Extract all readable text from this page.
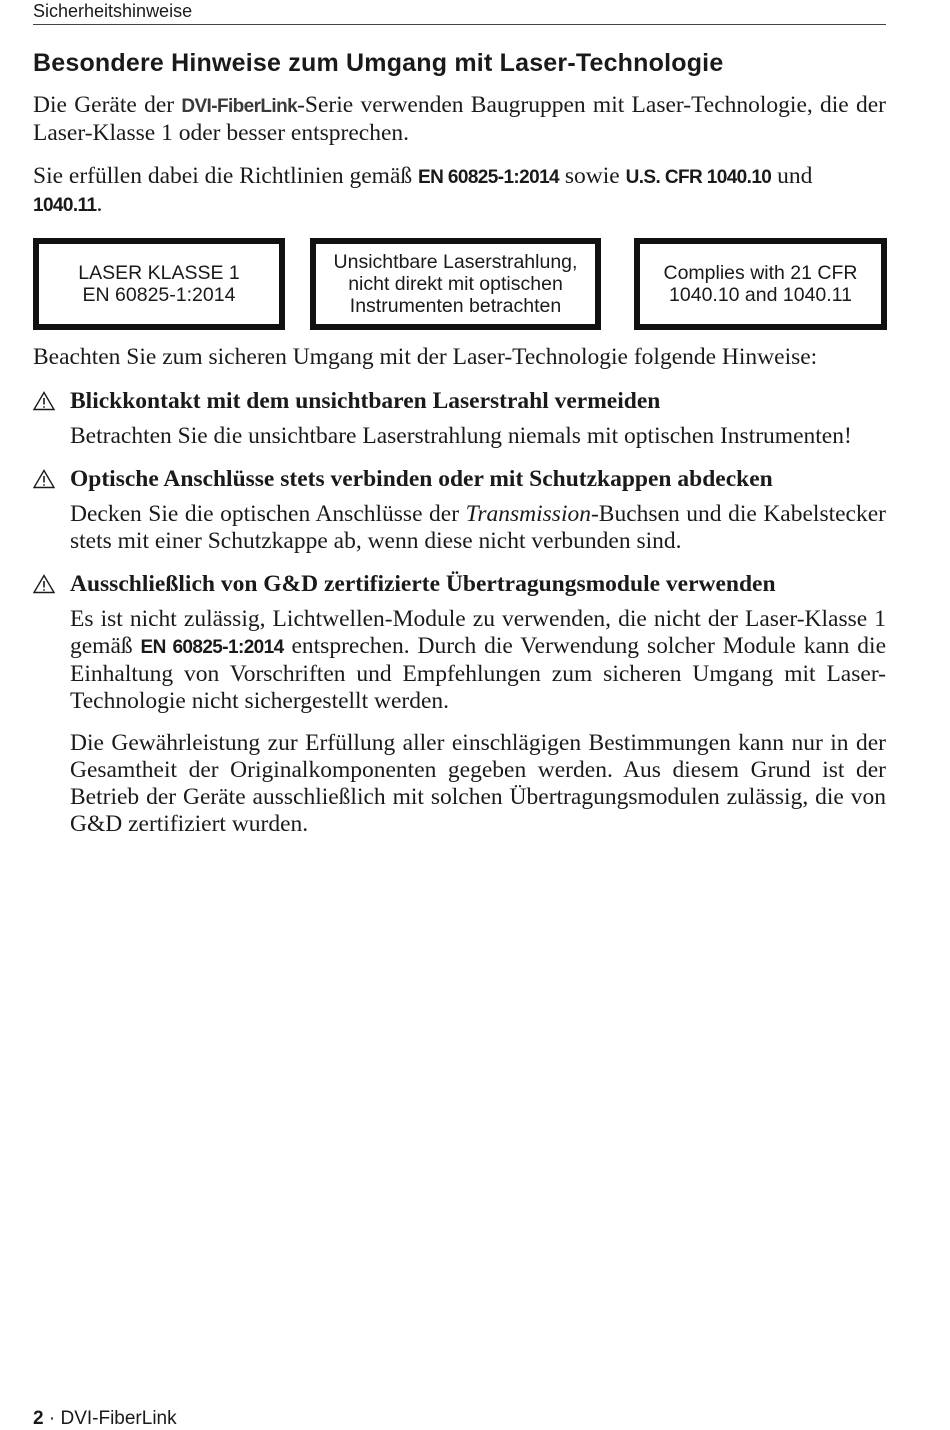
Sicherheitshinweise
Besondere Hinweise zum Umgang mit Laser-Technologie

Die Geräte der DVI-FiberLink-Serie verwenden Baugruppen mit Laser-Technologie, die der Laser-Klasse 1 oder besser entsprechen.

Sie erfüllen dabei die Richtlinien gemäß EN 60825-1:2014 sowie U.S. CFR 1040.10 und
1040.11.

LASER KLASSE 1
EN 60825-1:2014
Unsichtbare Laserstrahlung,
nicht direkt mit optischen
Instrumenten betrachten
Complies with 21 CFR
1040.10 and 1040.11

Beachten Sie zum sicheren Umgang mit der Laser-Technologie folgende Hinweise:

Blickkontakt mit dem unsichtbaren Laserstrahl vermeiden

Betrachten Sie die unsichtbare Laserstrahlung niemals mit optischen Instrumenten!

Optische Anschlüsse stets verbinden oder mit Schutzkappen abdecken

Decken Sie die optischen Anschlüsse der Transmission-Buchsen und die Kabelstecker stets mit einer Schutzkappe ab, wenn diese nicht verbunden sind.

Ausschließlich von G&D zertifizierte Übertragungsmodule verwenden

Es ist nicht zulässig, Lichtwellen-Module zu verwenden, die nicht der Laser-Klasse 1 gemäß EN 60825-1:2014 entsprechen. Durch die Verwendung solcher Module kann die Einhaltung von Vorschriften und Empfehlungen zum sicheren Umgang mit Laser-Technologie nicht sichergestellt werden.

Die Gewährleistung zur Erfüllung aller einschlägigen Bestimmungen kann nur in der Gesamtheit der Originalkomponenten gegeben werden. Aus diesem Grund ist der Betrieb der Geräte ausschließlich mit solchen Übertragungsmodulen zulässig, die von G&D zertifiziert wurden.

2 · DVI-FiberLink
